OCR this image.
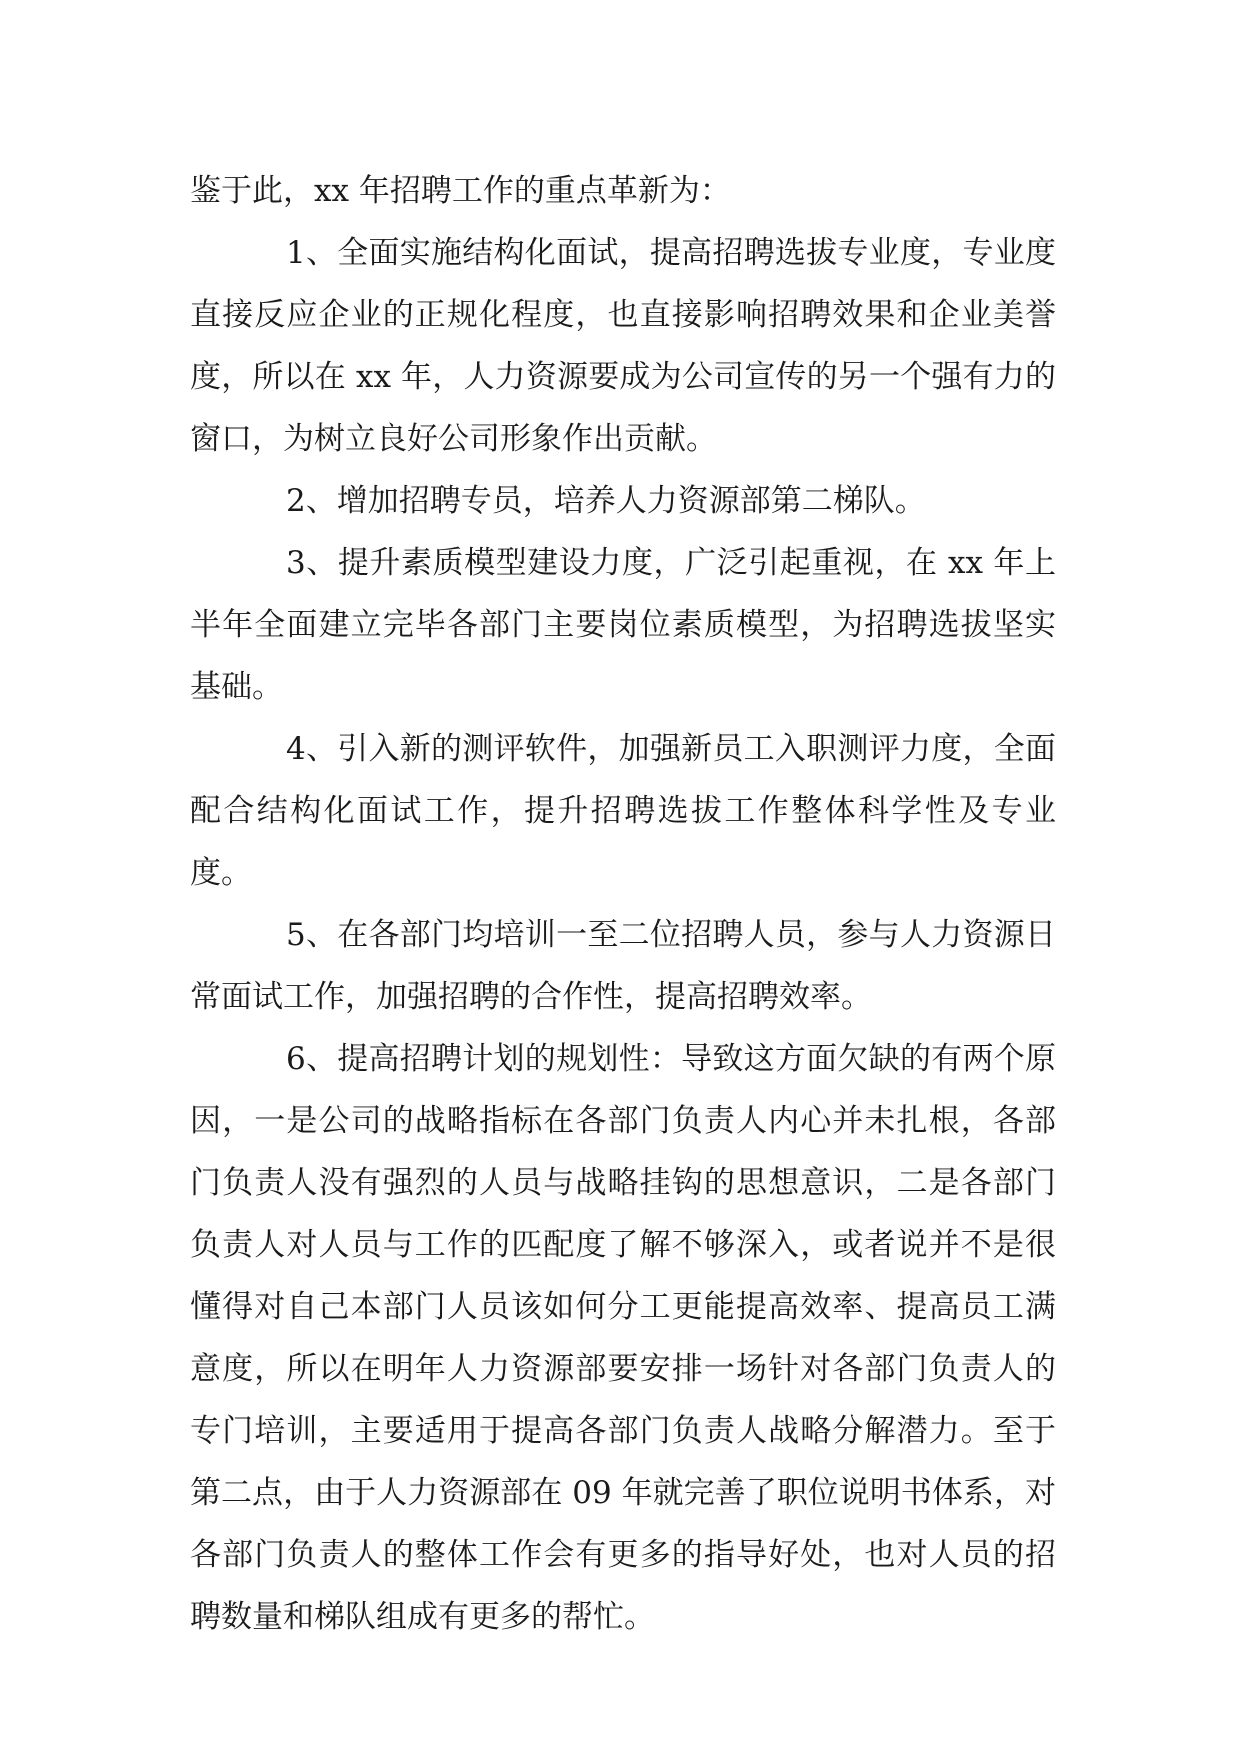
鉴于此，xx 年招聘工作的重点革新为：

1、全面实施结构化面试，提高招聘选拔专业度，专业度直接反应企业的正规化程度，也直接影响招聘效果和企业美誉度，所以在 xx 年，人力资源要成为公司宣传的另一个强有力的窗口，为树立良好公司形象作出贡献。

2、增加招聘专员，培养人力资源部第二梯队。

3、提升素质模型建设力度，广泛引起重视，在 xx 年上半年全面建立完毕各部门主要岗位素质模型，为招聘选拔坚实基础。

4、引入新的测评软件，加强新员工入职测评力度，全面配合结构化面试工作，提升招聘选拔工作整体科学性及专业度。

5、在各部门均培训一至二位招聘人员，参与人力资源日常面试工作，加强招聘的合作性，提高招聘效率。

6、提高招聘计划的规划性：导致这方面欠缺的有两个原因，一是公司的战略指标在各部门负责人内心并未扎根，各部门负责人没有强烈的人员与战略挂钩的思想意识，二是各部门负责人对人员与工作的匹配度了解不够深入，或者说并不是很懂得对自己本部门人员该如何分工更能提高效率、提高员工满意度，所以在明年人力资源部要安排一场针对各部门负责人的专门培训，主要适用于提高各部门负责人战略分解潜力。至于第二点，由于人力资源部在 09 年就完善了职位说明书体系，对各部门负责人的整体工作会有更多的指导好处，也对人员的招聘数量和梯队组成有更多的帮忙。
